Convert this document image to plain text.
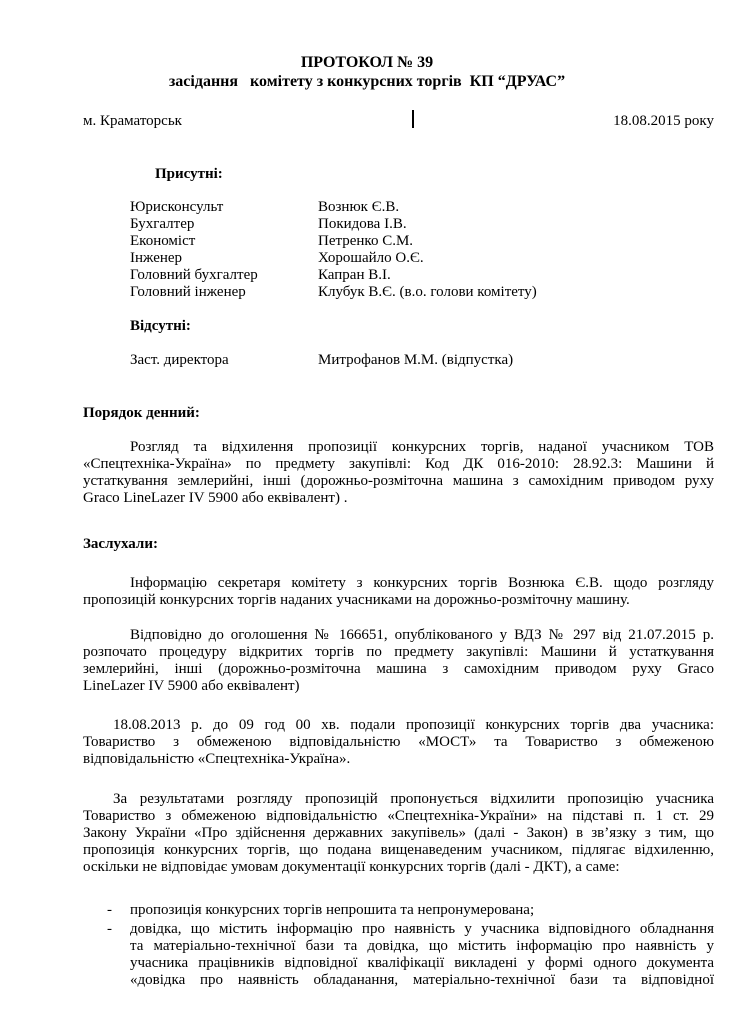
ПРОТОКОЛ № 39
засідання   комітету з конкурсних торгів  КП “ДРУАС”
м. Краматорськ	18.08.2015 року
Присутні:
Юрисконсульт	Вознюк Є.В.
Бухгалтер	Покидова І.В.
Економіст	Петренко С.М.
Інженер	Хорошайло О.Є.
Головний бухгалтер	Капран В.І.
Головний інженер	Клубук В.Є. (в.о. голови комітету)
Відсутні:
Заст. директора	Митрофанов М.М. (відпустка)
Порядок денний:
Розгляд та відхилення пропозиції конкурсних торгів, наданої учасником ТОВ
«Спецтехніка-Україна» по предмету закупівлі: Код ДК 016-2010: 28.92.3: Машини й
устаткування землерийні, інші (дорожньо-розміточна машина з самохідним приводом руху
Graco LineLazer IV 5900 або еквівалент) .
Заслухали:
Інформацію секретаря комітету з конкурсних торгів Вознюка Є.В. щодо розгляду
пропозицій конкурсних торгів наданих учасниками на дорожньо-розміточну машину.
Відповідно до оголошення № 166651, опублікованого у ВДЗ № 297 від 21.07.2015 р.
розпочато процедуру відкритих торгів по предмету закупівлі: Машини й устаткування
землерийні, інші (дорожньо-розміточна машина з самохідним приводом руху Graco
LineLazer IV 5900 або еквівалент)
18.08.2013 р. до 09 год 00 хв. подали пропозиції конкурсних торгів два учасника:
Товариство з обмеженою відповідальністю «МОСТ» та Товариство з обмеженою
відповідальністю «Спецтехніка-Україна».
За результатами розгляду пропозицій пропонується відхилити пропозицію учасника
Товариство з обмеженою відповідальністю «Спецтехніка-України» на підставі п. 1 ст. 29
Закону України «Про здійснення державних закупівель» (далі - Закон) в зв’язку з тим, що
пропозиція конкурсних торгів, що подана вищенаведеним учасником, підлягає відхиленню,
оскільки не відповідає умовам документації конкурсних торгів (далі - ДКТ), а саме:
- пропозиція конкурсних торгів непрошита та непронумерована;
- довідка, що містить інформацію про наявність у учасника відповідного обладнання
та матеріально-технічної бази та довідка, що містить інформацію про наявність у
учасника працівників відповідної кваліфікації викладені у формі одного документа
«довідка про наявність обладанання, матеріально-технічної бази та відповідної
